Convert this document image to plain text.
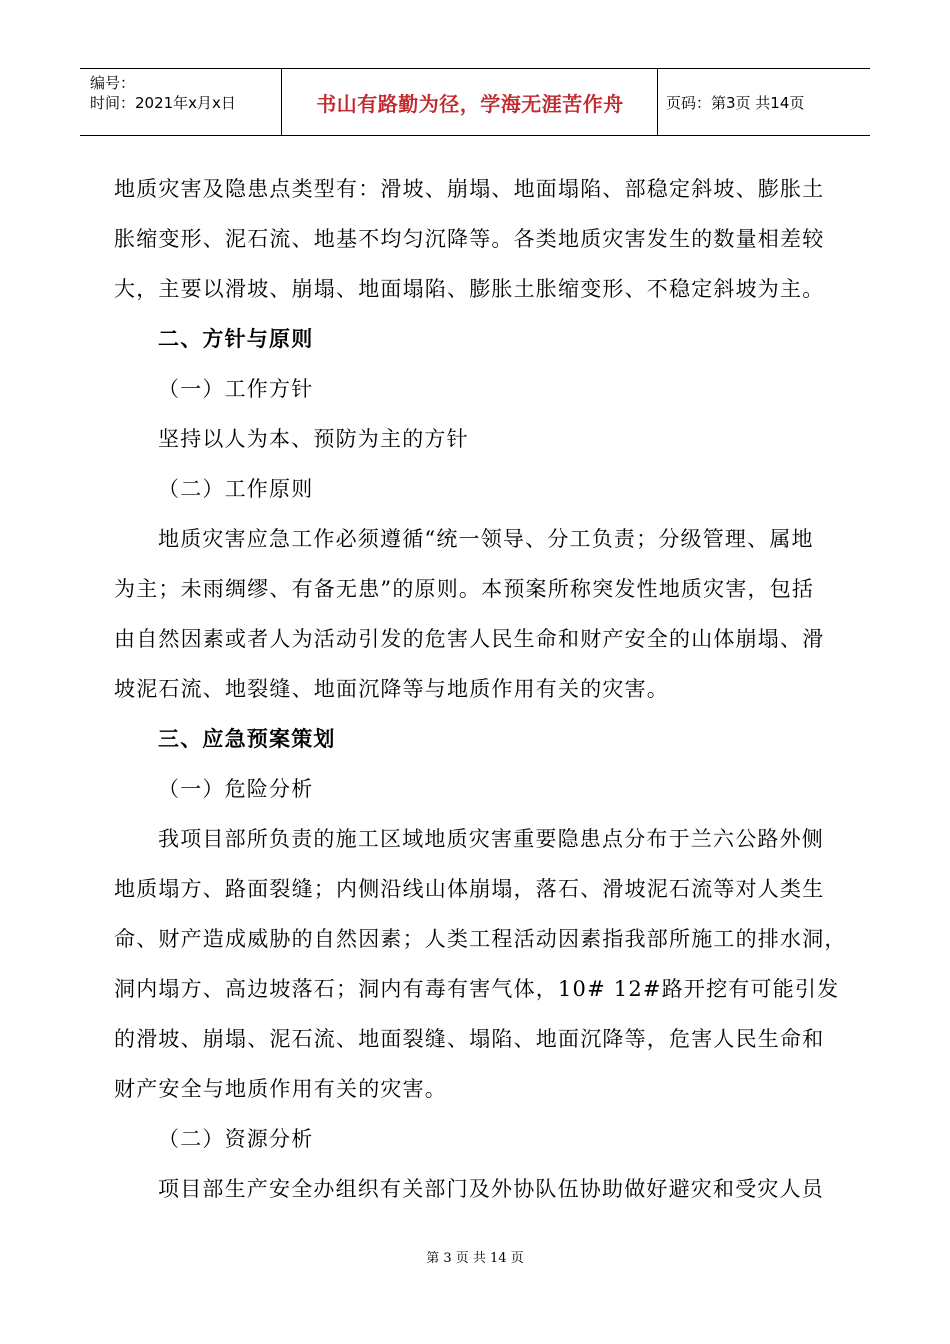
编号：
时间：2021年x月x日	书山有路勤为径，学海无涯苦作舟	页码：第3页 共14页
地质灾害及隐患点类型有：滑坡、崩塌、地面塌陷、部稳定斜坡、膨胀土
胀缩变形、泥石流、地基不均匀沉降等。各类地质灾害发生的数量相差较
大，主要以滑坡、崩塌、地面塌陷、膨胀土胀缩变形、不稳定斜坡为主。
二、方针与原则
（一）工作方针
坚持以人为本、预防为主的方针
（二）工作原则
地质灾害应急工作必须遵循“统一领导、分工负责；分级管理、属地
为主；未雨绸缪、有备无患”的原则。本预案所称突发性地质灾害，包括
由自然因素或者人为活动引发的危害人民生命和财产安全的山体崩塌、滑
坡泥石流、地裂缝、地面沉降等与地质作用有关的灾害。
三、应急预案策划
（一）危险分析
我项目部所负责的施工区域地质灾害重要隐患点分布于兰六公路外侧
地质塌方、路面裂缝；内侧沿线山体崩塌，落石、滑坡泥石流等对人类生
命、财产造成威胁的自然因素；人类工程活动因素指我部所施工的排水洞，
洞内塌方、高边坡落石；洞内有毒有害气体，10# 12#路开挖有可能引发
的滑坡、崩塌、泥石流、地面裂缝、塌陷、地面沉降等，危害人民生命和
财产安全与地质作用有关的灾害。
（二）资源分析
项目部生产安全办组织有关部门及外协队伍协助做好避灾和受灾人员
第 3 页 共 14 页
